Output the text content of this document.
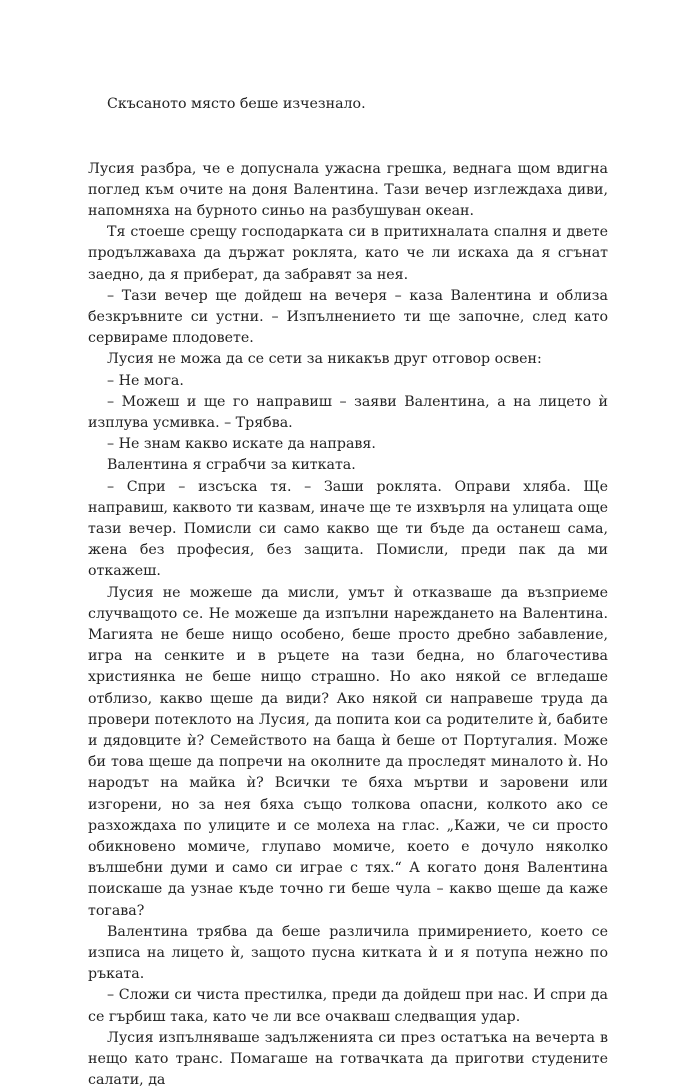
Скъсаното място беше изчезнало.

Лусия разбра, че е допуснала ужасна грешка, веднага щом вдигна поглед към очите на доня Валентина. Тази вечер изглеждаха диви, напомняха на бурното синьо на разбушуван океан.

Тя стоеше срещу господарката си в притихналата спалня и двете продължаваха да държат роклята, като че ли искаха да я сгънат заедно, да я приберат, да забравят за нея.

– Тази вечер ще дойдеш на вечеря – каза Валентина и облиза безкръвните си устни. – Изпълнението ти ще започне, след като сервираме плодовете.

Лусия не можа да се сети за никакъв друг отговор освен:

– Не мога.

– Можеш и ще го направиш – заяви Валентина, а на лицето ѝ изплува усмивка. – Трябва.

– Не знам какво искате да направя.

Валентина я сграбчи за китката.

– Спри – изсъска тя. – Заши роклята. Оправи хляба. Ще направиш, каквото ти казвам, иначе ще те изхвърля на улицата още тази вечер. Помисли си само какво ще ти бъде да останеш сама, жена без професия, без защита. Помисли, преди пак да ми откажеш.

Лусия не можеше да мисли, умът ѝ отказваше да възприеме случващото се. Не можеше да изпълни нареждането на Валентина. Магията не беше нищо особено, беше просто дребно забавление, игра на сенките и в ръцете на тази бедна, но благочестива християнка не беше нищо страшно. Но ако някой се вгледаше отблизо, какво щеше да види? Ако някой си направеше труда да провери потеклото на Лусия, да попита кои са родителите ѝ, бабите и дядовците ѝ? Семейството на баща ѝ беше от Португалия. Може би това щеше да попречи на околните да проследят миналото ѝ. Но народът на майка ѝ? Всички те бяха мъртви и заровени или изгорени, но за нея бяха също толкова опасни, колкото ако се разхождаха по улиците и се молеха на глас. „Кажи, че си просто обикновено момиче, глупаво момиче, което е дочуло няколко вълшебни думи и само си играе с тях.“ А когато доня Валентина поискаше да узнае къде точно ги беше чула – какво щеше да каже тогава?

Валентина трябва да беше различила примирението, което се изписа на лицето ѝ, защото пусна китката ѝ и я потупа нежно по ръката.

– Сложи си чиста престилка, преди да дойдеш при нас. И спри да се гърбиш така, като че ли все очакваш следващия удар.

Лусия изпълняваше задълженията си през остатъка на вечерта в нещо като транс. Помагаше на готвачката да приготви студените салати, да
